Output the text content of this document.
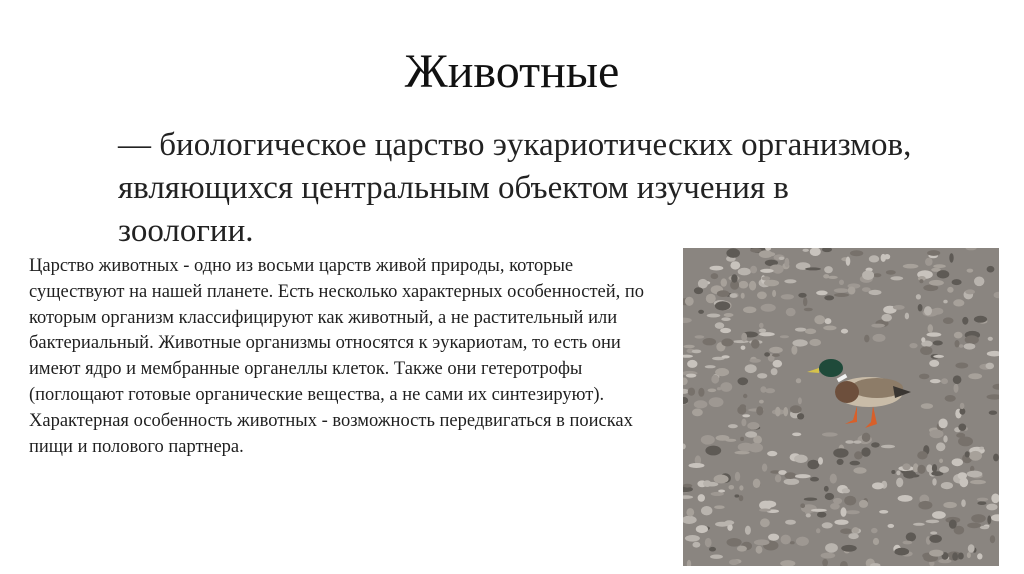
Животные
— биологическое царство эукариотических организмов, являющихся центральным объектом изучения в зоологии.
Царство животных - одно из восьми царств живой природы, которые существуют на нашей планете. Есть несколько характерных особенностей, по которым организм классифицируют как животный, а не растительный или бактериальный. Животные организмы относятся к эукариотам, то есть они имеют ядро и мембранные органеллы клеток. Также они гетеротрофы (поглощают готовые органические вещества, а не сами их синтезируют). Характерная особенность животных - возможность передвигаться в поисках пищи и полового партнера.
